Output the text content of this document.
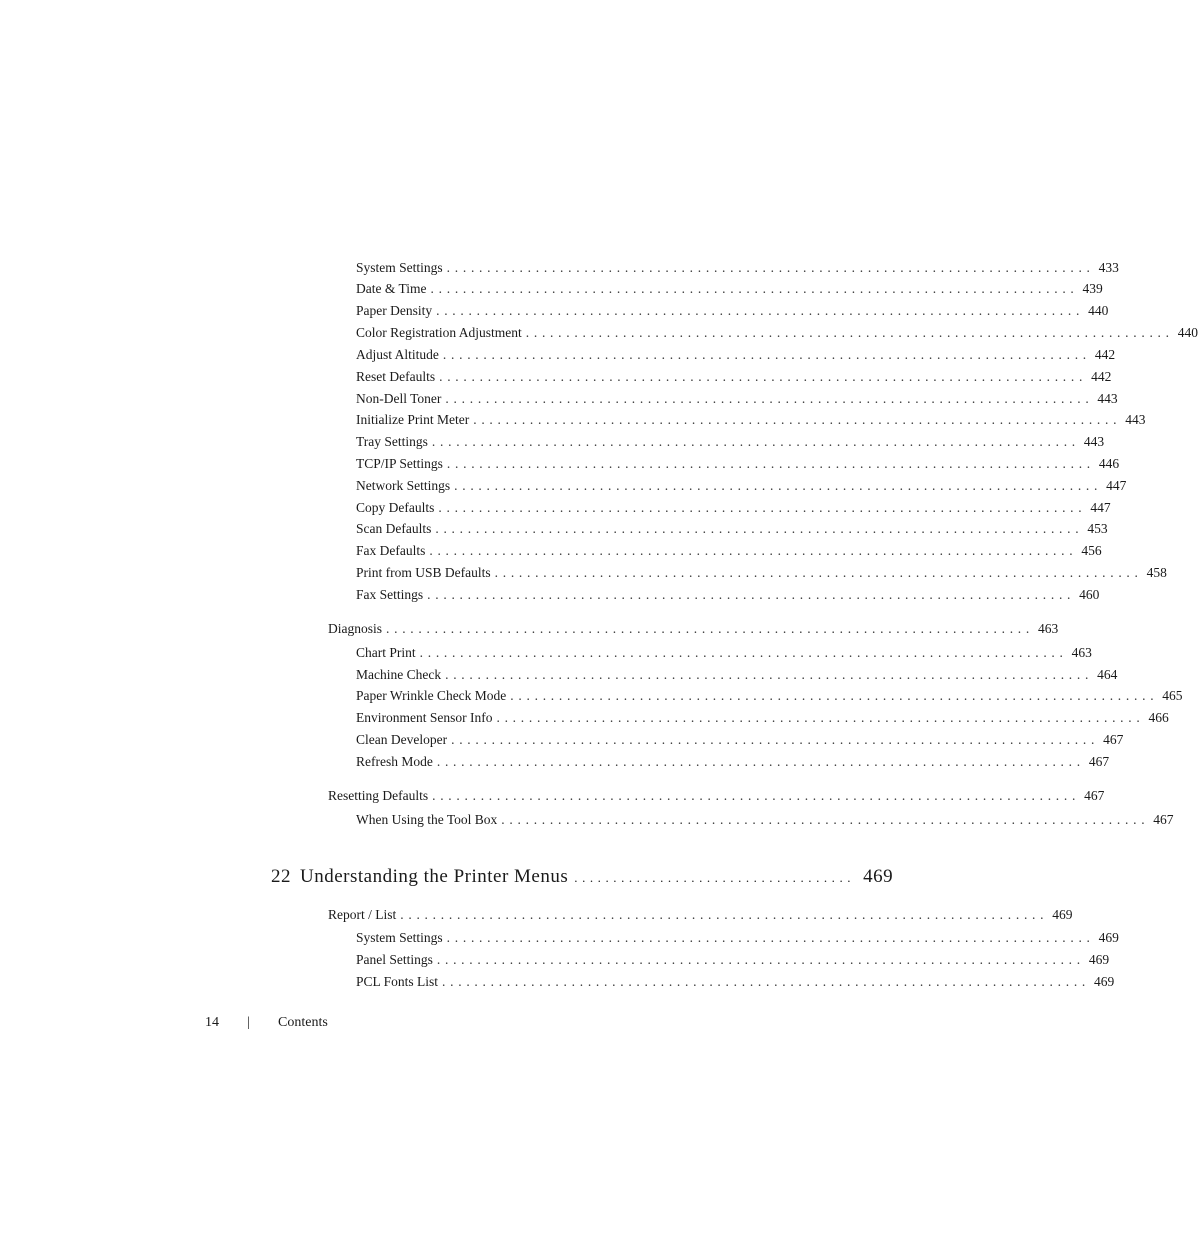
System Settings ................................................................................ 433
Date & Time ................................................................................ 439
Paper Density ................................................................................ 440
Color Registration Adjustment ................................................................................ 440
Adjust Altitude ................................................................................ 442
Reset Defaults ................................................................................ 442
Non-Dell Toner ................................................................................ 443
Initialize Print Meter ................................................................................ 443
Tray Settings ................................................................................ 443
TCP/IP Settings ................................................................................ 446
Network Settings ................................................................................ 447
Copy Defaults ................................................................................ 447
Scan Defaults ................................................................................ 453
Fax Defaults ................................................................................ 456
Print from USB Defaults ................................................................................ 458
Fax Settings ................................................................................ 460
Diagnosis ................................................................................ 463
Chart Print ................................................................................ 463
Machine Check ................................................................................ 464
Paper Wrinkle Check Mode ................................................................................ 465
Environment Sensor Info ................................................................................ 466
Clean Developer ................................................................................ 467
Refresh Mode ................................................................................ 467
Resetting Defaults ................................................................................ 467
When Using the Tool Box ................................................................................ 467
22 Understanding the Printer Menus .................................... 469
Report / List ................................................................................ 469
System Settings ................................................................................ 469
Panel Settings ................................................................................ 469
PCL Fonts List ................................................................................ 469
14 | Contents
